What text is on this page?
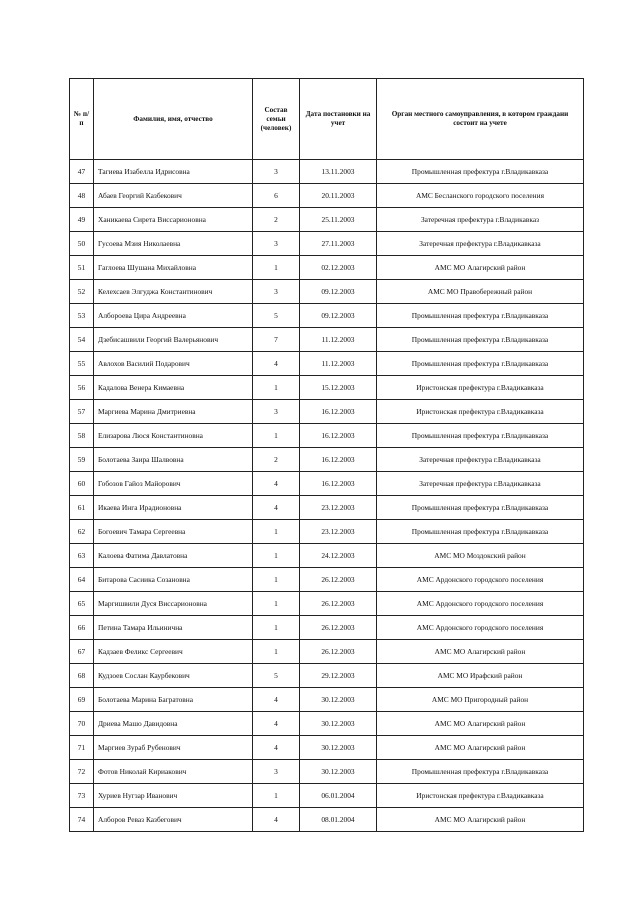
№ п/п	Фамилия, имя, отчество	Состав семьи (человек)	Дата постановки на учет	Орган местного самоуправления, в котором граждани состоит на учете
47	Тагиева Изабелла Идрисовна	3	13.11.2003	Промышленная префектура г.Владикавказа
48	Абаев Георгий Казбекович	6	20.11.2003	АМС Бесланского городского поселения
49	Ханикаева Сирета Виссарионовна	2	25.11.2003	Затеречная префектура г.Владикавказ
50	Гусоева Мзия Николаевна	3	27.11.2003	Затеречная префектура г.Владикавказа
51	Гаглоева Шушана Михайловна	1	02.12.2003	АМС МО Алагирский район
52	Келехсаев Элгуджа Константинович	3	09.12.2003	АМС МО Правобережный район
53	Албороева Цира Андреевна	5	09.12.2003	Промышленная префектура г.Владикавказа
54	Дзебисашвили Георгий Валерьянович	7	11.12.2003	Промышленная префектура г.Владикавказа
55	Авлохов Василий Подарович	4	11.12.2003	Промышленная префектура г.Владикавказа
56	Кадалова Венера Кимаевна	1	15.12.2003	Иристонская префектура г.Владикавказа
57	Маргиева Марина Дмитриевна	3	16.12.2003	Иристонская префектура г.Владикавказа
58	Елизарова Люся Константиновна	1	16.12.2003	Промышленная префектура г.Владикавказа
59	Болотаева Заира Шалвовна	2	16.12.2003	Затеречная префектура г.Владикавказа
60	Гобозов Гайоз Майорович	4	16.12.2003	Затеречная префектура г.Владикавказа
61	Икаева Инга Ирадионовна	4	23.12.2003	Промышленная префектура г.Владикавказа
62	Богоевич Тамара Сергеевна	1	23.12.2003	Промышленная префектура г.Владикавказа
63	Калоева Фатима Давлатовна	1	24.12.2003	АМС МО Моздокский район
64	Битарова Сасиика Созановна	1	26.12.2003	АМС Ардонского городского поселения
65	Маргишвили Дуся Виссарионовна	1	26.12.2003	АМС Ардонского городского поселения
66	Петина Тамара Ильинична	1	26.12.2003	АМС Ардонского городского поселения
67	Кадзаев Феликс Сергеевич	1	26.12.2003	АМС МО Алагирский район
68	Кудзоев Сослан Каурбекович	5	29.12.2003	АМС МО Ирафский район
69	Болотаева Марина Багратовна	4	30.12.2003	АМС МО Пригородный район
70	Дриева Машо Давидовна	4	30.12.2003	АМС МО Алагирский район
71	Маргиев Зураб Рубенович	4	30.12.2003	АМС МО Алагирский район
72	Фотов Николай Кириакович	3	30.12.2003	Промышленная префектура г.Владикавказа
73	Хуриев Нугзар Иванович	1	06.01.2004	Иристонская префектура г.Владикавказа
74	Алборов Реваз Казбегович	4	08.01.2004	АМС МО Алагирский район
